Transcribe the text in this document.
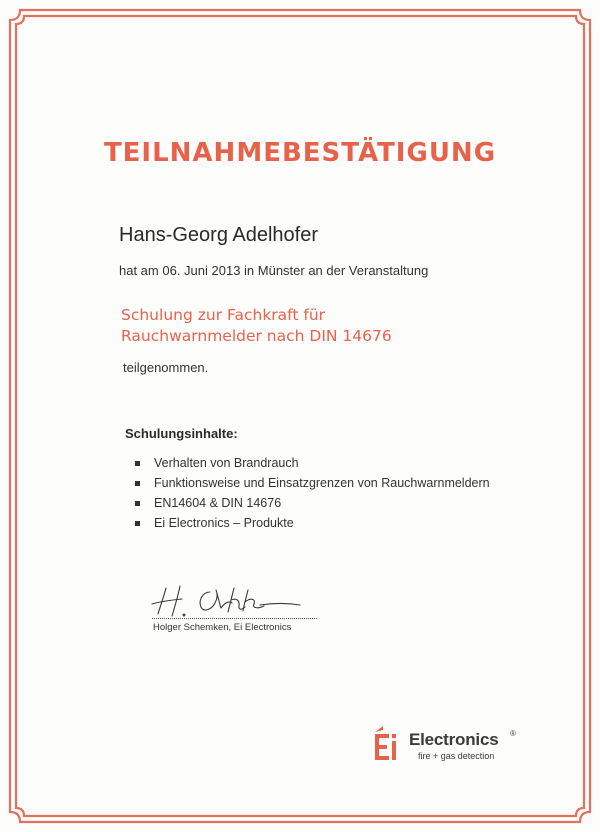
TEILNAHMEBESTÄTIGUNG
Hans-Georg Adelhofer
hat am 06. Juni 2013 in Münster an der Veranstaltung
Schulung zur Fachkraft für
Rauchwarnmelder nach DIN 14676
teilgenommen.
Schulungsinhalte:
Verhalten von Brandrauch
Funktionsweise und Einsatzgrenzen von Rauchwarnmeldern
EN14604 & DIN 14676
Ei Electronics – Produkte
Holger Schemken, Ei Electronics
Electronics ®
fire + gas detection
